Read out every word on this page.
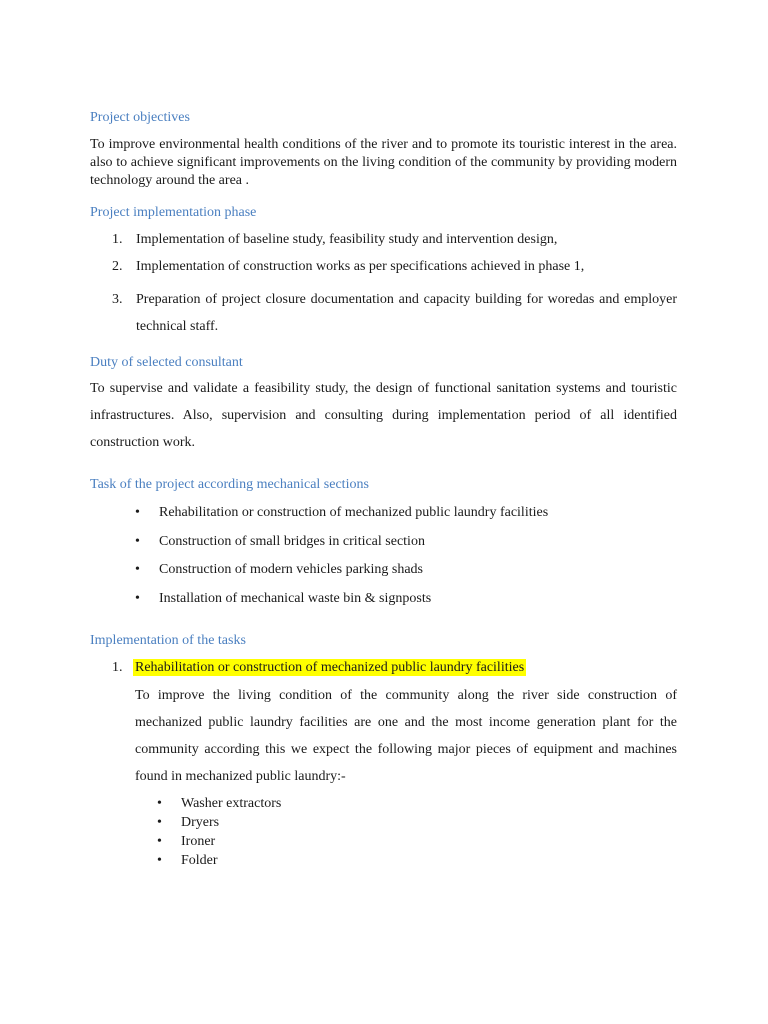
Project objectives

To improve environmental health conditions of the river and to promote its touristic interest in the area. also to achieve significant improvements on the living condition of the community by providing modern technology around the area .

Project implementation phase
1. Implementation of baseline study, feasibility study and intervention design,
2. Implementation of construction works as per specifications achieved in phase 1,
3. Preparation of project closure documentation and capacity building for woredas and employer technical staff.
Duty of selected consultant

To supervise and validate a feasibility study, the design of functional sanitation systems and touristic infrastructures. Also, supervision and consulting during implementation period of all identified construction work.

Task of the project according mechanical sections
• Rehabilitation or construction of mechanized public laundry facilities
• Construction of small bridges in critical section
• Construction of modern vehicles parking shads
• Installation of mechanical waste bin & signposts
Implementation of the tasks
1. Rehabilitation or construction of mechanized public laundry facilities

To improve the living condition of the community along the river side construction of mechanized public laundry facilities are one and the most income generation plant for the community according this we expect the following major pieces of equipment and machines found in mechanized public laundry:-

• Washer extractors
• Dryers
• Ironer
• Folder
